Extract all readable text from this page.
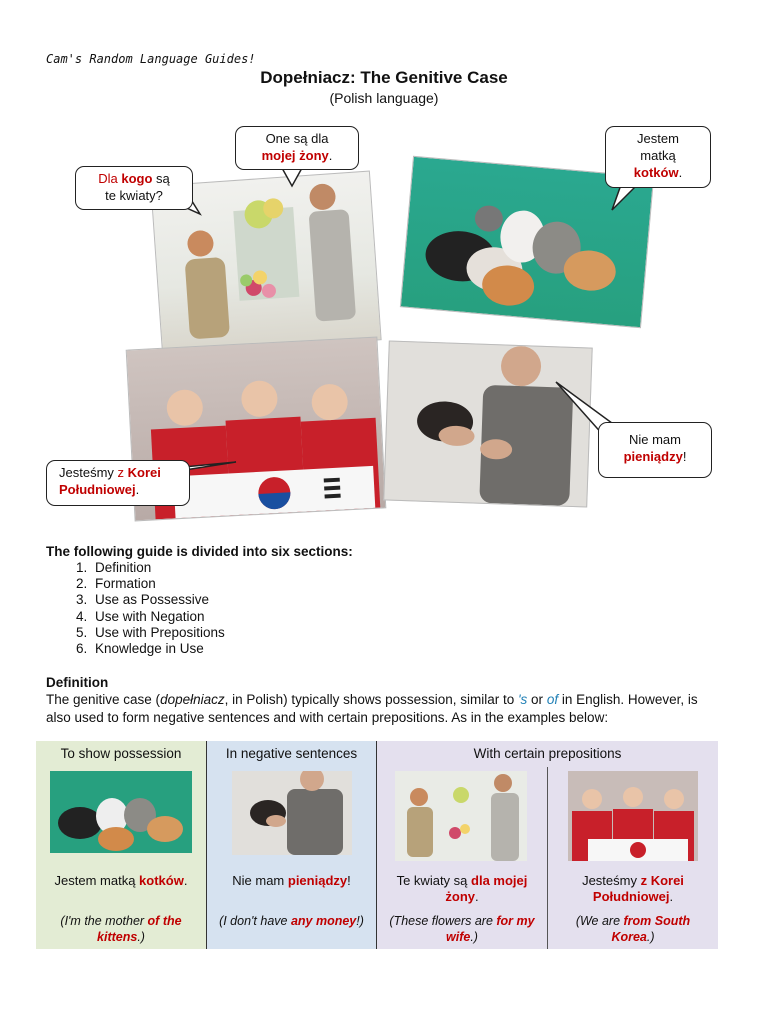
Cam's Random Language Guides!
Dopełniacz: The Genitive Case
(Polish language)
Dla kogo są
te kwiaty?
One są dla
mojej żony.
Jestem
matką
kotków.
Jesteśmy z Korei
Południowej.
Nie mam
pieniądzy!
The following guide is divided into six sections:
1. Definition
2. Formation
3. Use as Possessive
4. Use with Negation
5. Use with Prepositions
6. Knowledge in Use
Definition
The genitive case (dopełniacz, in Polish) typically shows possession, similar to 's or of in English. However, is
also used to form negative sentences and with certain prepositions. As in the examples below:
To show possession
Jestem matką kotków.
(I'm the mother of the
kittens.)
In negative sentences
Nie mam pieniądzy!
(I don't have any money!)
With certain prepositions
Te kwiaty są dla mojej
żony.
(These flowers are for my
wife.)
Jesteśmy z Korei
Południowej.
(We are from South
Korea.)
